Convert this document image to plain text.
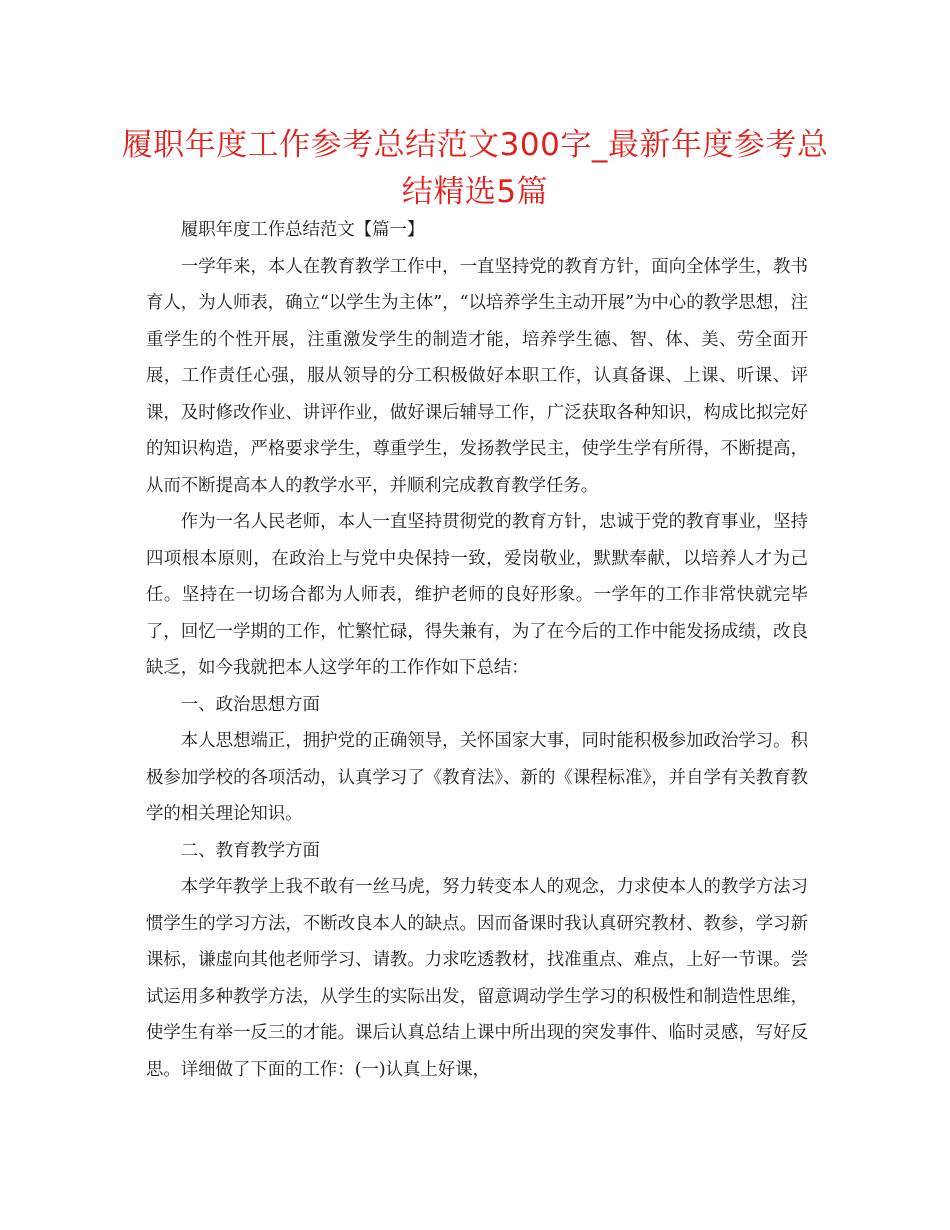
履职年度工作参考总结范文300字_最新年度参考总结精选5篇

履职年度工作总结范文【篇一】

一学年来，本人在教育教学工作中，一直坚持党的教育方针，面向全体学生，教书育人，为人师表，确立“以学生为主体”，“以培养学生主动开展”为中心的教学思想，注重学生的个性开展，注重激发学生的制造才能，培养学生德、智、体、美、劳全面开展，工作责任心强，服从领导的分工积极做好本职工作，认真备课、上课、听课、评课，及时修改作业、讲评作业，做好课后辅导工作，广泛获取各种知识，构成比拟完好的知识构造，严格要求学生，尊重学生，发扬教学民主，使学生学有所得，不断提高，从而不断提高本人的教学水平，并顺利完成教育教学任务。

作为一名人民老师，本人一直坚持贯彻党的教育方针，忠诚于党的教育事业，坚持四项根本原则，在政治上与党中央保持一致，爱岗敬业，默默奉献，以培养人才为己任。坚持在一切场合都为人师表，维护老师的良好形象。一学年的工作非常快就完毕了，回忆一学期的工作，忙繁忙碌，得失兼有，为了在今后的工作中能发扬成绩，改良缺乏，如今我就把本人这学年的工作作如下总结：

一、政治思想方面

本人思想端正，拥护党的正确领导，关怀国家大事，同时能积极参加政治学习。积极参加学校的各项活动，认真学习了《教育法》、新的《课程标准》，并自学有关教育教学的相关理论知识。

二、教育教学方面

本学年教学上我不敢有一丝马虎，努力转变本人的观念，力求使本人的教学方法习惯学生的学习方法，不断改良本人的缺点。因而备课时我认真研究教材、教参，学习新课标，谦虚向其他老师学习、请教。力求吃透教材，找准重点、难点，上好一节课。尝试运用多种教学方法，从学生的实际出发，留意调动学生学习的积极性和制造性思维，使学生有举一反三的才能。课后认真总结上课中所出现的突发事件、临时灵感，写好反思。详细做了下面的工作：(一)认真上好课，
